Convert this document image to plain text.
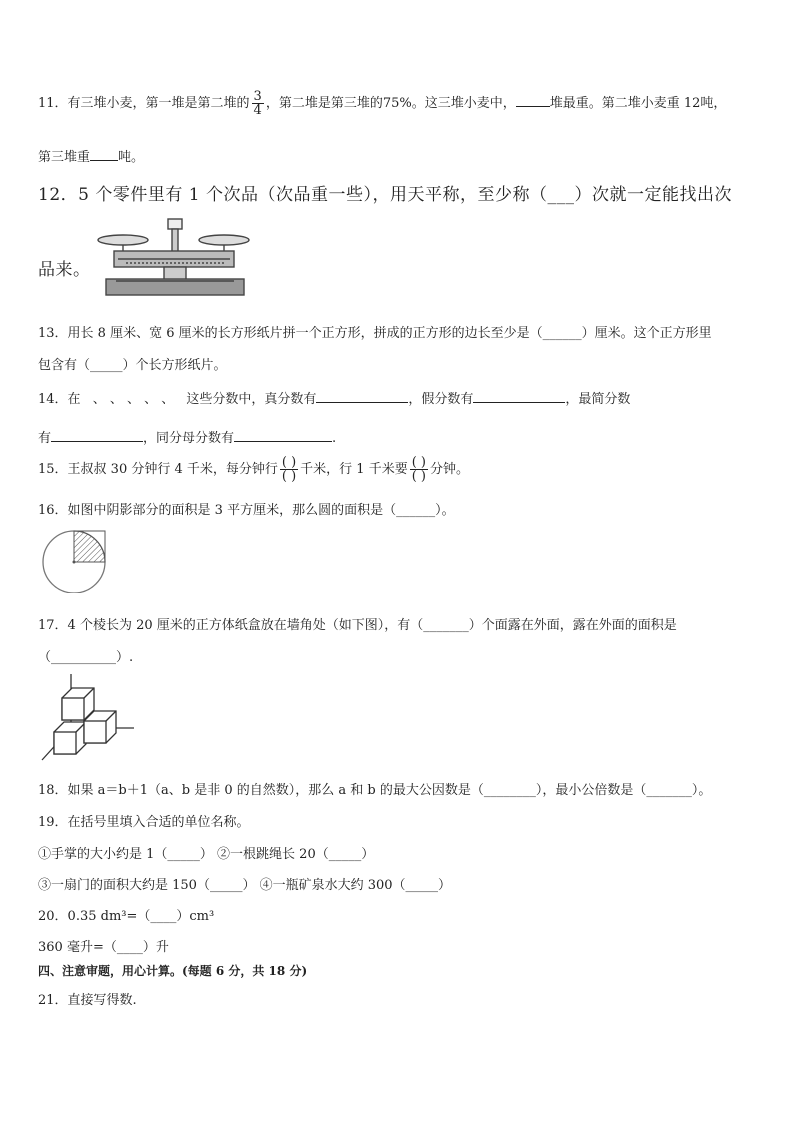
11．有三堆小麦，第一堆是第二堆的 $\frac{3}{4}$ ，第二堆是第三堆的75%。这三堆小麦中，	堆最重。第二堆小麦重 12吨，
第三堆重 吨。
12．5 个零件里有 1 个次品（次品重一些），用天平称，至少称（___）次就一定能找出次
品来。
13．用长 8 厘米、宽 6 厘米的长方形纸片拼一个正方形，拼成的正方形的边长至少是（______）厘米。这个正方形里
包含有（_____）个长方形纸片。
14．在 、 、 、 、 、 这些分数中，真分数有	，假分数有	，最简分数
有	，同分母分数有	.
15．王叔叔 30 分钟行 4 千米，每分钟行 $\frac{( )}{( )}$ 千米，行 1 千米要 $\frac{( )}{( )}$ 分钟。
16．如图中阴影部分的面积是 3 平方厘米，那么圆的面积是（______）。
17．4 个棱长为 20 厘米的正方体纸盒放在墙角处（如下图），有（_______）个面露在外面，露在外面的面积是
（__________）.
18．如果 a＝b＋1（a、b 是非 0 的自然数），那么 a 和 b 的最大公因数是（________），最小公倍数是（_______）。
19．在括号里填入合适的单位名称。
①手掌的大小约是 1（_____） ②一根跳绳长 20（_____）
③一扇门的面积大约是 150（_____） ④一瓶矿泉水大约 300（_____）
20．0.35 dm³=（____）cm³
360 毫升=（____）升
四、注意审题，用心计算。(每题 6 分，共 18 分)
21．直接写得数.
